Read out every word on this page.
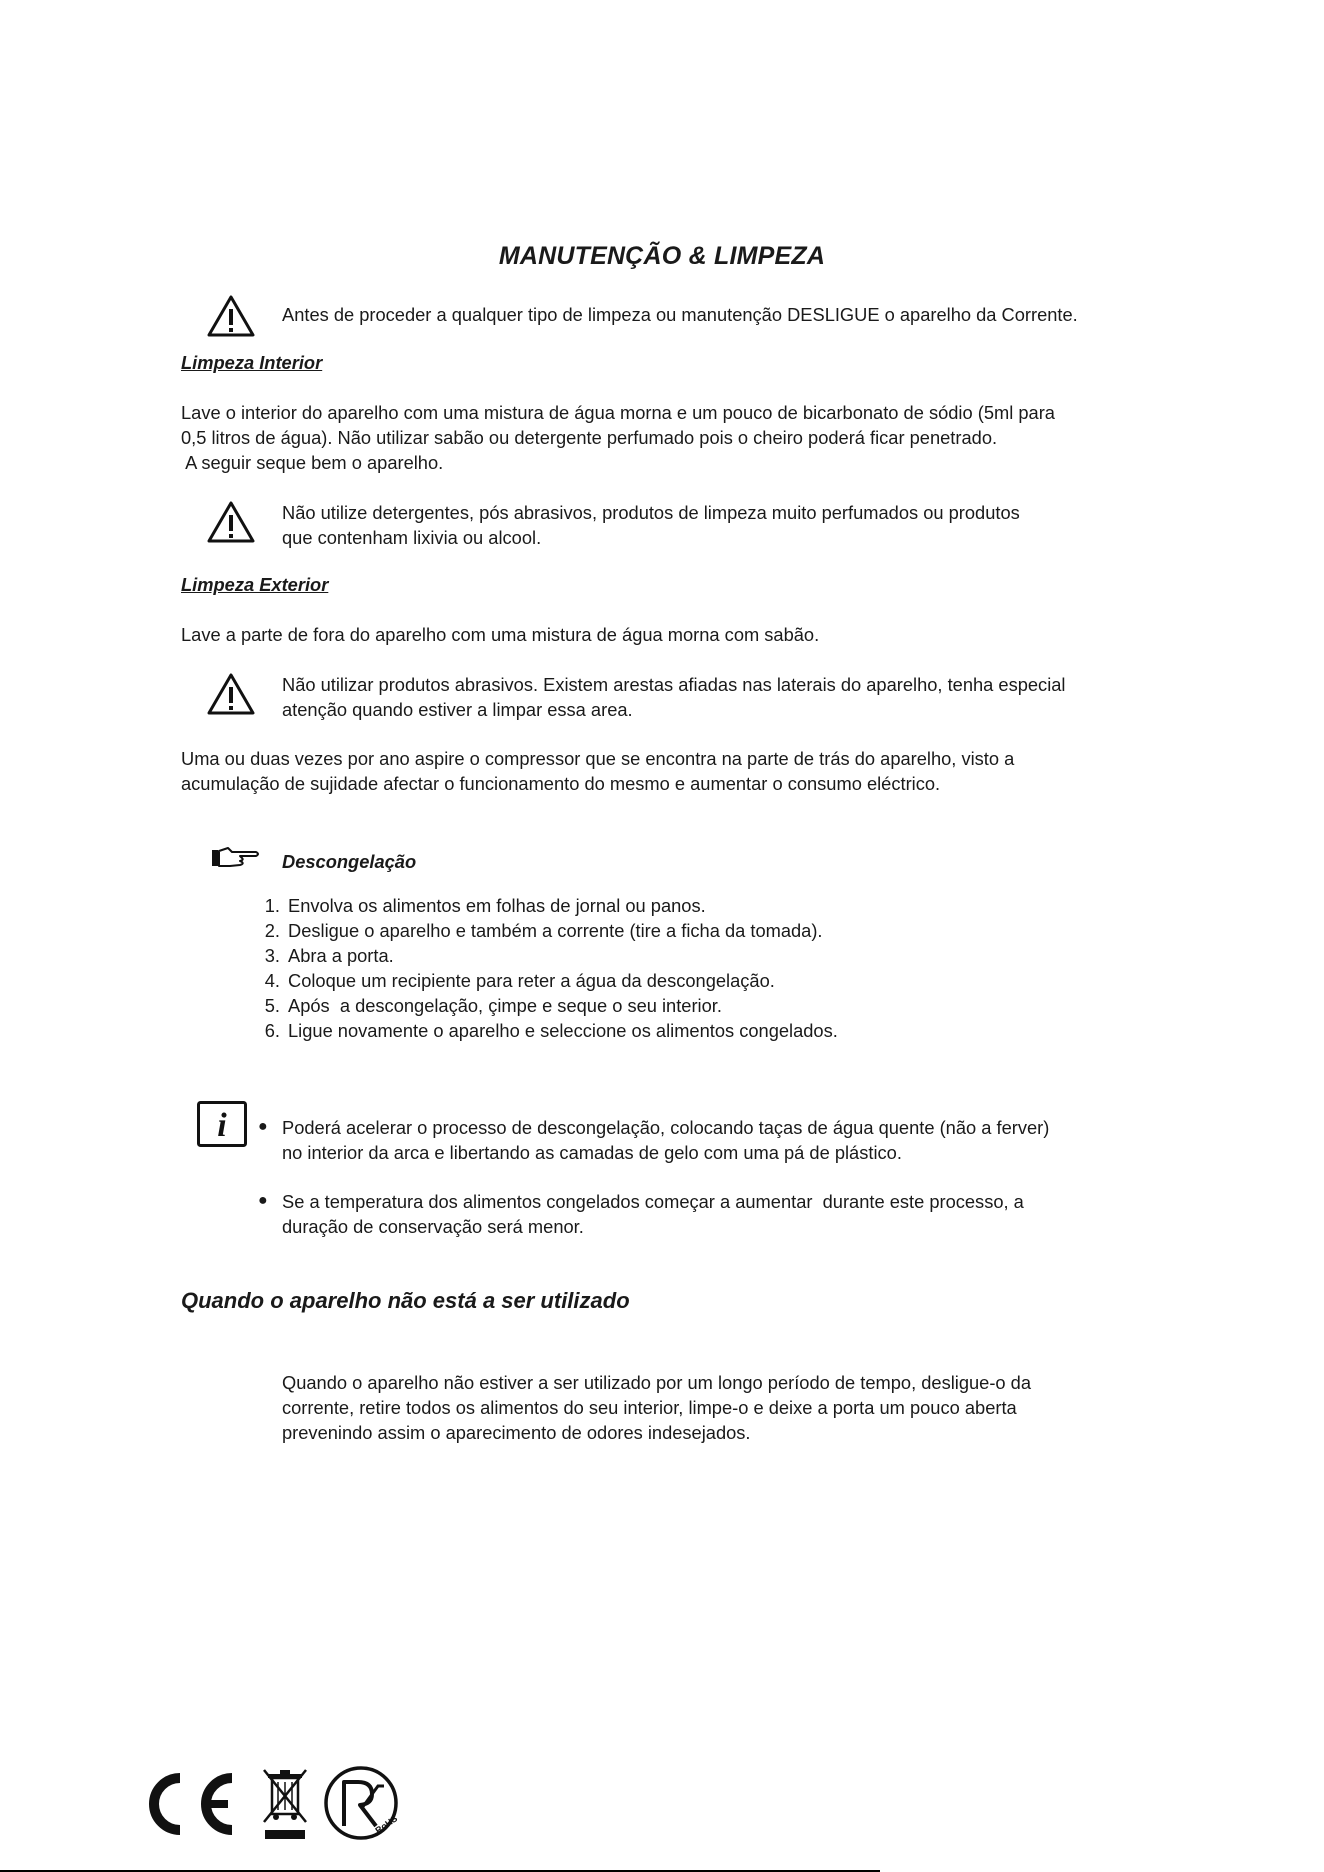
MANUTENÇÃO & LIMPEZA
Antes de proceder a qualquer tipo de limpeza ou manutenção DESLIGUE o aparelho da Corrente.
Limpeza Interior
Lave o interior do aparelho com uma mistura de água morna e um pouco de bicarbonato de sódio (5ml para
0,5 litros de água). Não utilizar sabão ou detergente perfumado pois o cheiro poderá ficar penetrado.
A seguir seque bem o aparelho.
Não utilize detergentes, pós abrasivos, produtos de limpeza muito perfumados ou produtos
que contenham lixivia ou alcool.
Limpeza Exterior
Lave a parte de fora do aparelho com uma mistura de água morna com sabão.
Não utilizar produtos abrasivos. Existem arestas afiadas nas laterais do aparelho, tenha especial
atenção quando estiver a limpar essa area.
Uma ou duas vezes por ano aspire o compressor que se encontra na parte de trás do aparelho, visto a
acumulação de sujidade afectar o funcionamento do mesmo e aumentar o consumo eléctrico.
Descongelação
1. Envolva os alimentos em folhas de jornal ou panos.
2. Desligue o aparelho e também a corrente (tire a ficha da tomada).
3. Abra a porta.
4. Coloque um recipiente para reter a água da descongelação.
5. Após  a descongelação, çimpe e seque o seu interior.
6. Ligue novamente o aparelho e seleccione os alimentos congelados.
i ● Poderá acelerar o processo de descongelação, colocando taças de água quente (não a ferver)
no interior da arca e libertando as camadas de gelo com uma pá de plástico.
● Se a temperatura dos alimentos congelados começar a aumentar  durante este processo, a
duração de conservação será menor.
Quando o aparelho não está a ser utilizado
Quando o aparelho não estiver a ser utilizado por um longo período de tempo, desligue-o da
corrente, retire todos os alimentos do seu interior, limpe-o e deixe a porta um pouco aberta
prevenindo assim o aparecimento de odores indesejados.
RoHS
